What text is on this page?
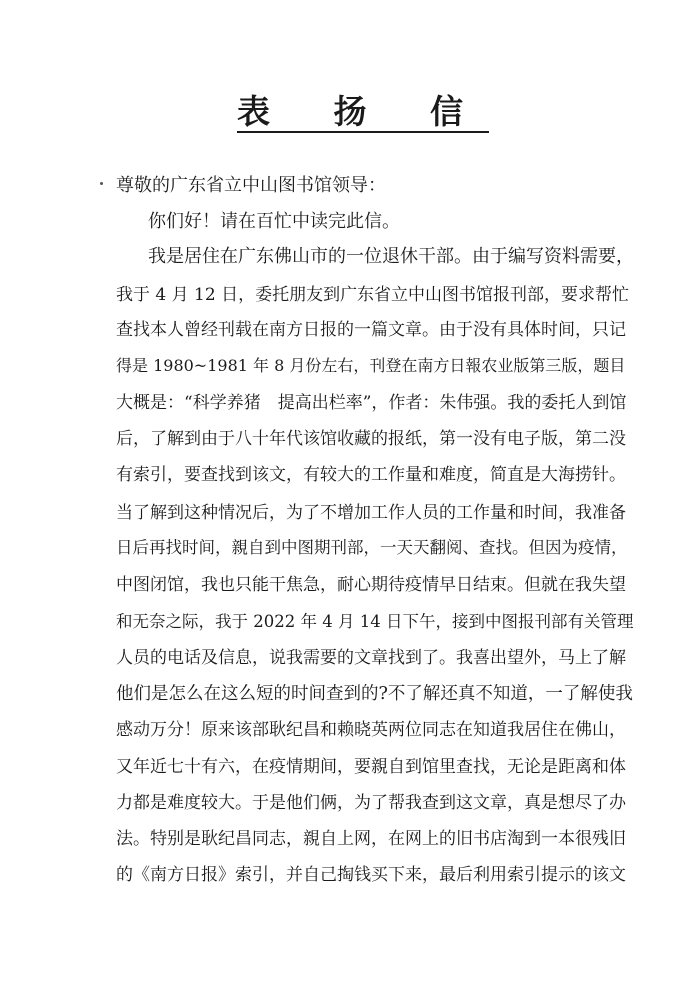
表 扬 信
尊敬的广东省立中山图书馆领导：
你们好！请在百忙中读完此信。
我是居住在广东佛山市的一位退休干部。由于编写资料需要，
我于 4 月 12 日，委托朋友到广东省立中山图书馆报刊部，要求帮忙
查找本人曾经刊载在南方日报的一篇文章。由于没有具体时间，只记
得是 1980~1981 年 8 月份左右，刊登在南方日報农业版第三版，题目
大概是：“科学养猪　提高出栏率”，作者：朱伟强。我的委托人到馆
后，了解到由于八十年代该馆收藏的报纸，第一没有电子版，第二没
有索引，要查找到该文，有较大的工作量和难度，简直是大海捞针。
当了解到这种情况后，为了不增加工作人员的工作量和时间，我准备
日后再找时间，親自到中图期刊部，一天天翻阅、查找。但因为疫情，
中图闭馆，我也只能干焦急，耐心期待疫情早日结束。但就在我失望
和无奈之际，我于 2022 年 4 月 14 日下午，接到中图报刊部有关管理
人员的电话及信息，说我需要的文章找到了。我喜出望外，马上了解
他们是怎么在这么短的时间查到的?不了解还真不知道，一了解使我
感动万分！原来该部耿纪昌和赖晓英两位同志在知道我居住在佛山，
又年近七十有六，在疫情期间，要親自到馆里查找，无论是距离和体
力都是难度较大。于是他们俩，为了帮我查到这文章，真是想尽了办
法。特别是耿纪昌同志，親自上网，在网上的旧书店淘到一本很残旧
的《南方日报》索引，并自己掏钱买下来，最后利用索引提示的该文
